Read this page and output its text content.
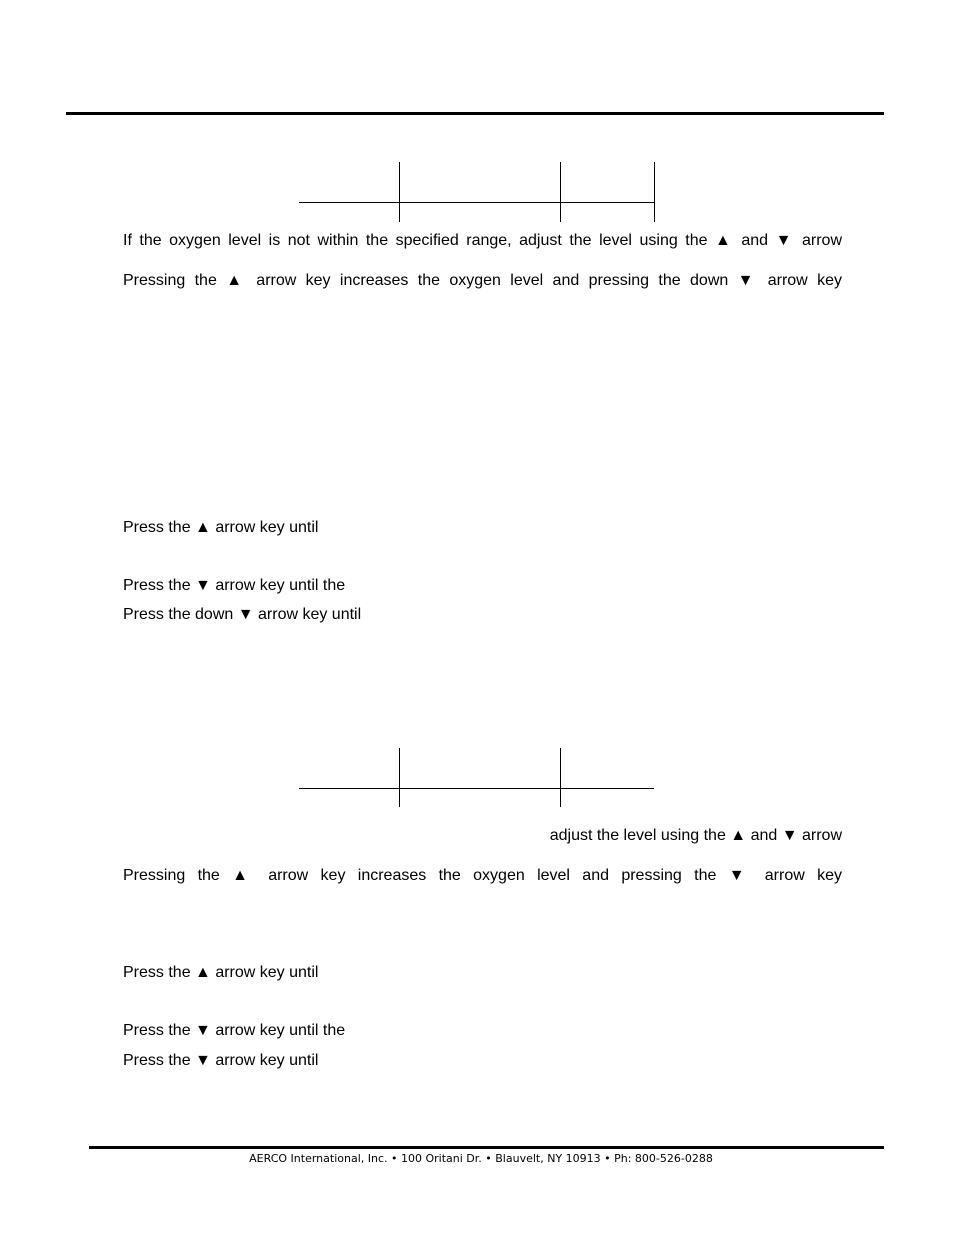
If the oxygen level is not within the specified range, adjust the level using the ▲ and ▼ arrow
Pressing the ▲ arrow key increases the oxygen level and pressing the down ▼ arrow key
Press the ▲ arrow key until
Press the ▼ arrow key until the
Press the down ▼ arrow key until
adjust the level using the ▲ and ▼ arrow
Pressing the ▲ arrow key increases the oxygen level and pressing the ▼ arrow key
Press the ▲ arrow key until
Press the ▼ arrow key until the
Press the ▼ arrow key until
AERCO International, Inc. • 100 Oritani Dr. • Blauvelt, NY 10913 • Ph: 800-526-0288
